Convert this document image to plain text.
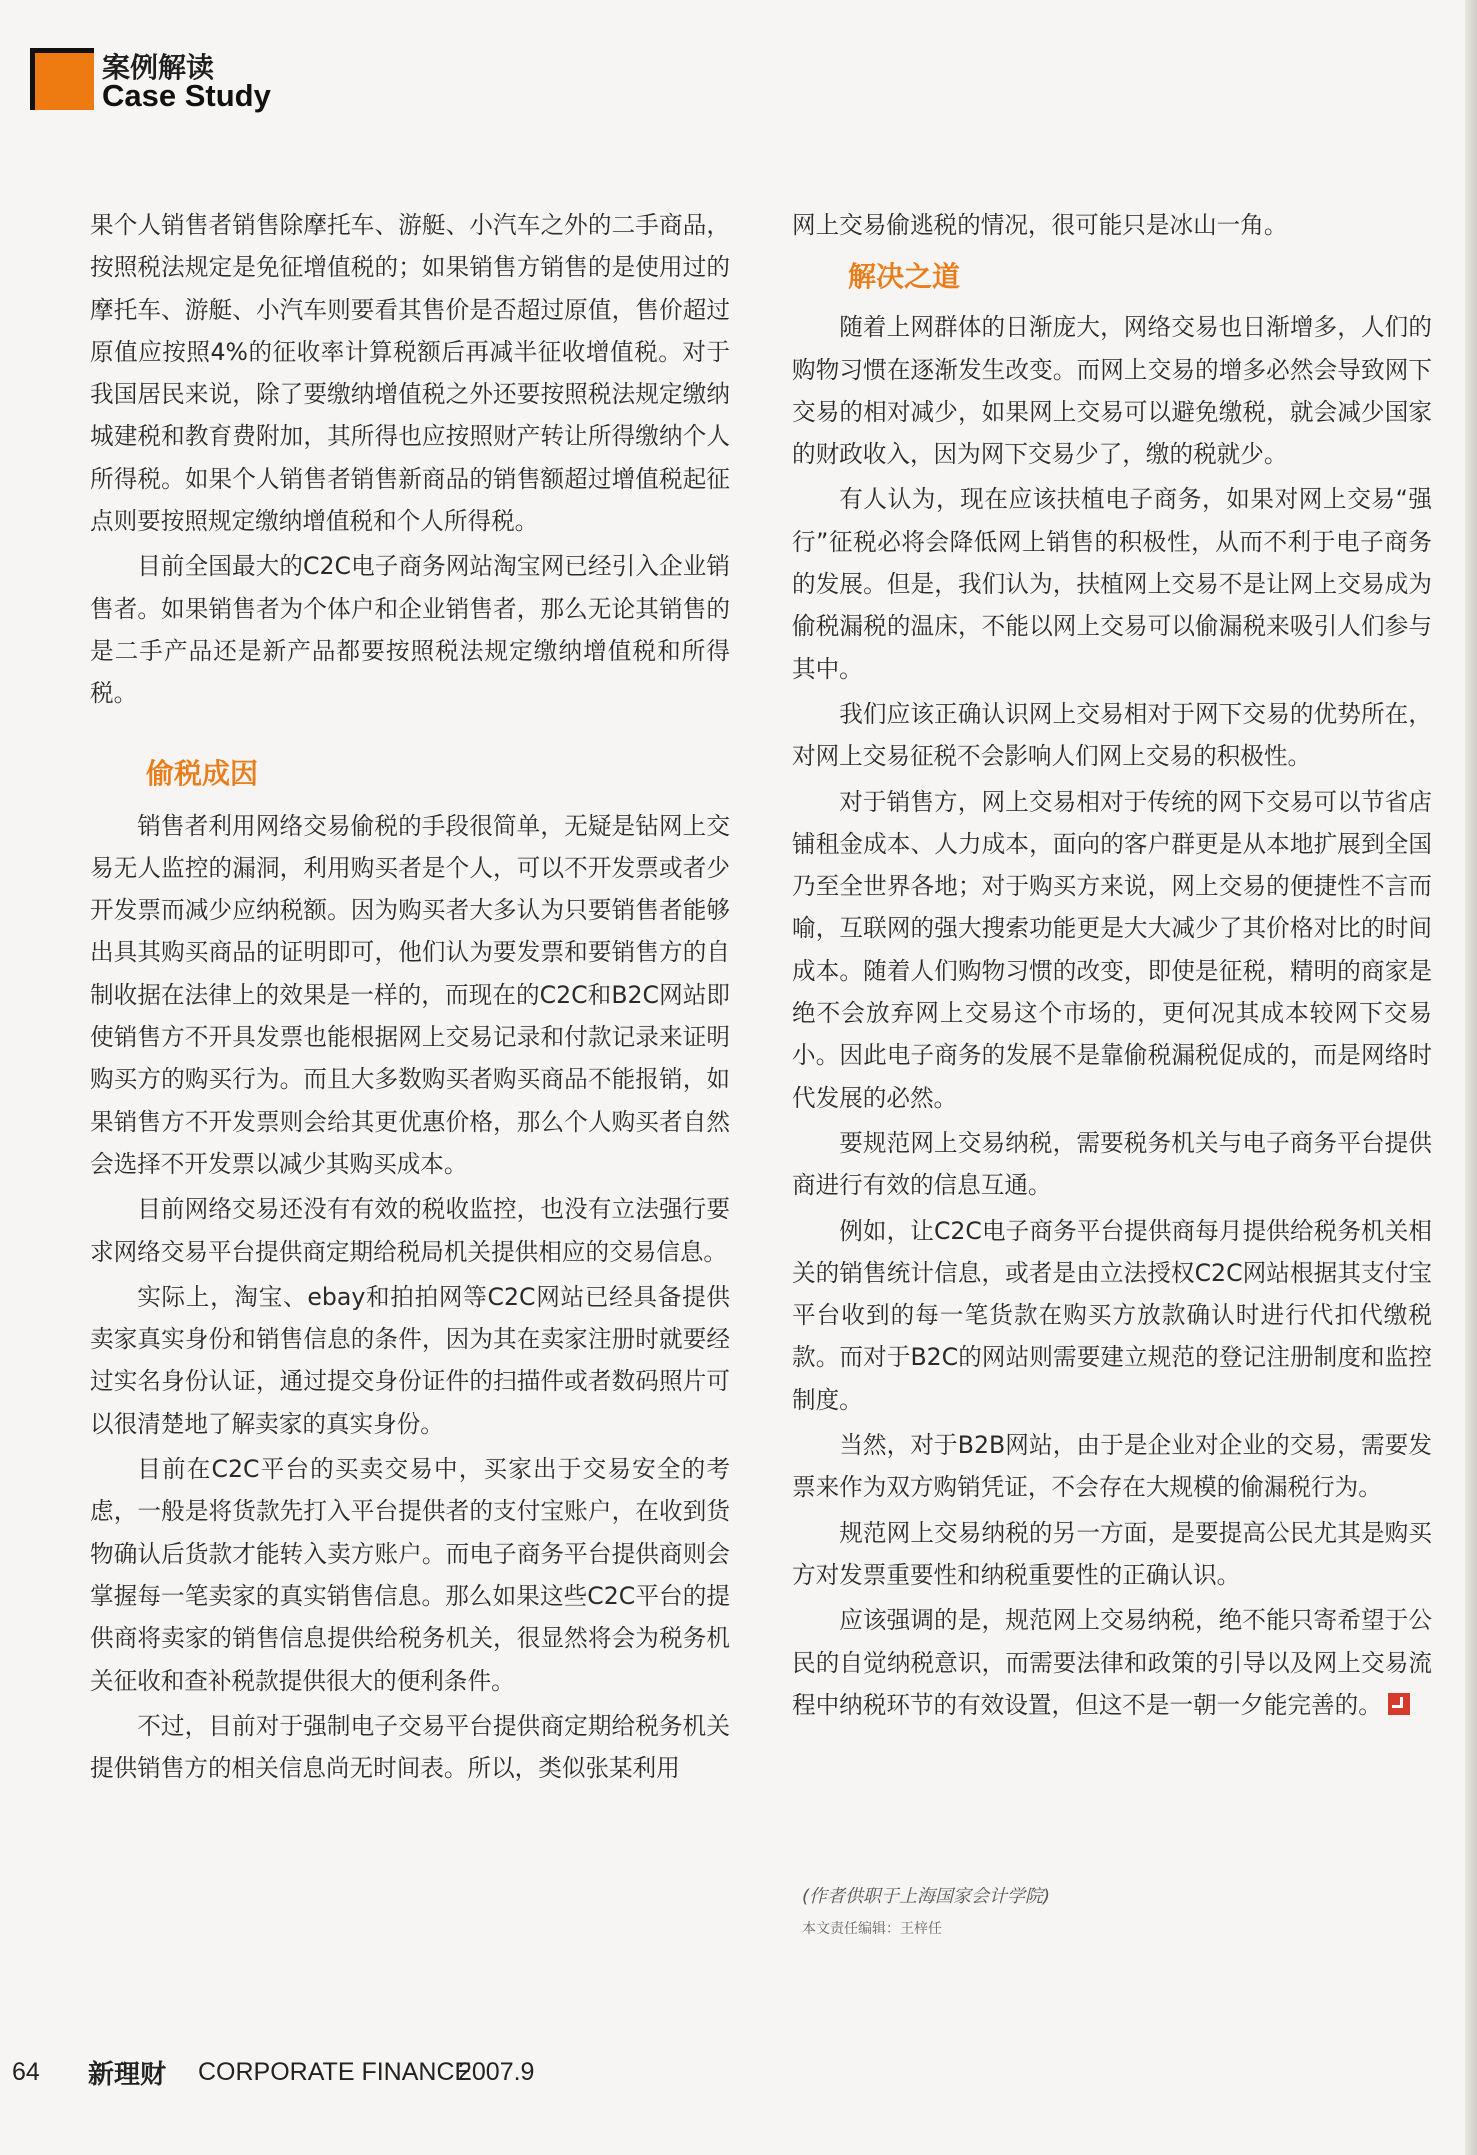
案例解读
Case Study

果个人销售者销售除摩托车、游艇、小汽车之外的二手商品，按照税法规定是免征增值税的；如果销售方销售的是使用过的摩托车、游艇、小汽车则要看其售价是否超过原值，售价超过原值应按照4%的征收率计算税额后再减半征收增值税。对于我国居民来说，除了要缴纳增值税之外还要按照税法规定缴纳城建税和教育费附加，其所得也应按照财产转让所得缴纳个人所得税。如果个人销售者销售新商品的销售额超过增值税起征点则要按照规定缴纳增值税和个人所得税。

目前全国最大的C2C电子商务网站淘宝网已经引入企业销售者。如果销售者为个体户和企业销售者，那么无论其销售的是二手产品还是新产品都要按照税法规定缴纳增值税和所得税。

偷税成因

销售者利用网络交易偷税的手段很简单，无疑是钻网上交易无人监控的漏洞，利用购买者是个人，可以不开发票或者少开发票而减少应纳税额。因为购买者大多认为只要销售者能够出具其购买商品的证明即可，他们认为要发票和要销售方的自制收据在法律上的效果是一样的，而现在的C2C和B2C网站即使销售方不开具发票也能根据网上交易记录和付款记录来证明购买方的购买行为。而且大多数购买者购买商品不能报销，如果销售方不开发票则会给其更优惠价格，那么个人购买者自然会选择不开发票以减少其购买成本。

目前网络交易还没有有效的税收监控，也没有立法强行要求网络交易平台提供商定期给税局机关提供相应的交易信息。

实际上，淘宝、ebay和拍拍网等C2C网站已经具备提供卖家真实身份和销售信息的条件，因为其在卖家注册时就要经过实名身份认证，通过提交身份证件的扫描件或者数码照片可以很清楚地了解卖家的真实身份。

目前在C2C平台的买卖交易中，买家出于交易安全的考虑，一般是将货款先打入平台提供者的支付宝账户，在收到货物确认后货款才能转入卖方账户。而电子商务平台提供商则会掌握每一笔卖家的真实销售信息。那么如果这些C2C平台的提供商将卖家的销售信息提供给税务机关，很显然将会为税务机关征收和查补税款提供很大的便利条件。

不过，目前对于强制电子交易平台提供商定期给税务机关提供销售方的相关信息尚无时间表。所以，类似张某利用

网上交易偷逃税的情况，很可能只是冰山一角。

解决之道

随着上网群体的日渐庞大，网络交易也日渐增多，人们的购物习惯在逐渐发生改变。而网上交易的增多必然会导致网下交易的相对减少，如果网上交易可以避免缴税，就会减少国家的财政收入，因为网下交易少了，缴的税就少。

有人认为，现在应该扶植电子商务，如果对网上交易“强行”征税必将会降低网上销售的积极性，从而不利于电子商务的发展。但是，我们认为，扶植网上交易不是让网上交易成为偷税漏税的温床，不能以网上交易可以偷漏税来吸引人们参与其中。

我们应该正确认识网上交易相对于网下交易的优势所在，对网上交易征税不会影响人们网上交易的积极性。

对于销售方，网上交易相对于传统的网下交易可以节省店铺租金成本、人力成本，面向的客户群更是从本地扩展到全国乃至全世界各地；对于购买方来说，网上交易的便捷性不言而喻，互联网的强大搜索功能更是大大减少了其价格对比的时间成本。随着人们购物习惯的改变，即使是征税，精明的商家是绝不会放弃网上交易这个市场的，更何况其成本较网下交易小。因此电子商务的发展不是靠偷税漏税促成的，而是网络时代发展的必然。

要规范网上交易纳税，需要税务机关与电子商务平台提供商进行有效的信息互通。

例如，让C2C电子商务平台提供商每月提供给税务机关相关的销售统计信息，或者是由立法授权C2C网站根据其支付宝平台收到的每一笔货款在购买方放款确认时进行代扣代缴税款。而对于B2C的网站则需要建立规范的登记注册制度和监控制度。

当然，对于B2B网站，由于是企业对企业的交易，需要发票来作为双方购销凭证，不会存在大规模的偷漏税行为。

规范网上交易纳税的另一方面，是要提高公民尤其是购买方对发票重要性和纳税重要性的正确认识。

应该强调的是，规范网上交易纳税，绝不能只寄希望于公民的自觉纳税意识，而需要法律和政策的引导以及网上交易流程中纳税环节的有效设置，但这不是一朝一夕能完善的。

(作者供职于上海国家会计学院)

本文责任编辑：王梓任

64 新理财 CORPORATE FINANCE
2007.9
